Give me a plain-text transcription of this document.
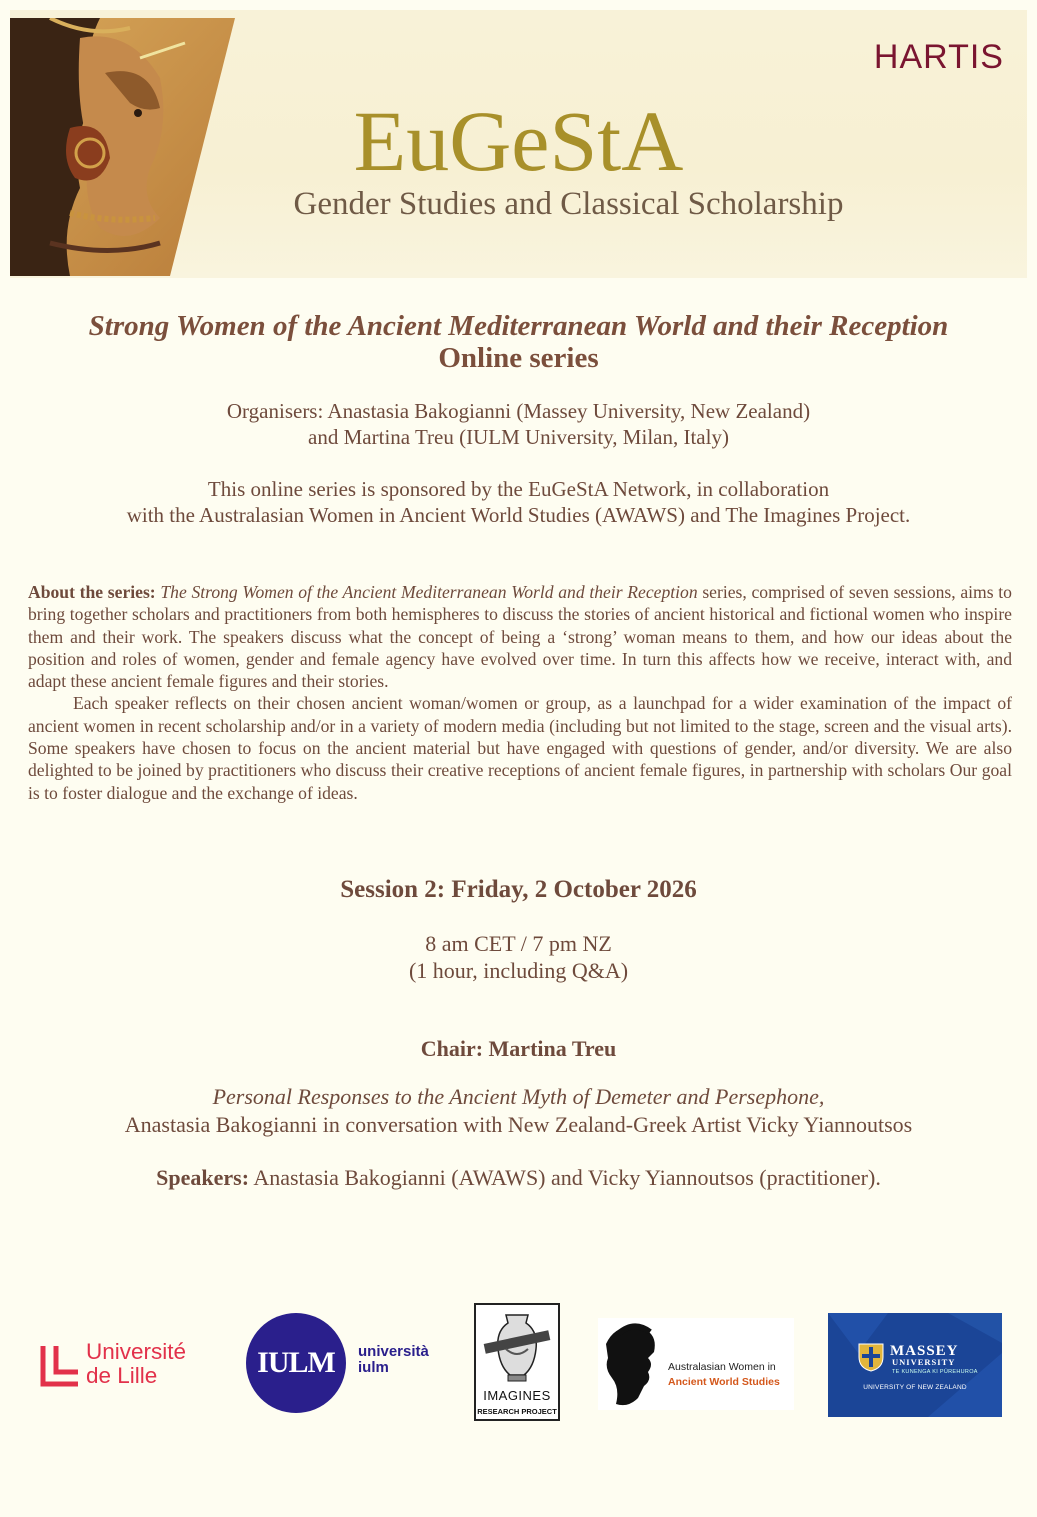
HARTIS
EuGeStA
Gender Studies and Classical Scholarship
Strong Women of the Ancient Mediterranean World and their Reception
Online series
Organisers: Anastasia Bakogianni (Massey University, New Zealand)
and Martina Treu (IULM University, Milan, Italy)
This online series is sponsored by the EuGeStA Network, in collaboration
with the Australasian Women in Ancient World Studies (AWAWS) and The Imagines Project.

About the series: The Strong Women of the Ancient Mediterranean World and their Reception series, comprised of seven sessions, aims to bring together scholars and practitioners from both hemispheres to discuss the stories of ancient historical and fictional women who inspire them and their work. The speakers discuss what the concept of being a ‘strong’ woman means to them, and how our ideas about the position and roles of women, gender and female agency have evolved over time. In turn this affects how we receive, interact with, and adapt these ancient female figures and their stories.

Each speaker reflects on their chosen ancient woman/women or group, as a launchpad for a wider examination of the impact of ancient women in recent scholarship and/or in a variety of modern media (including but not limited to the stage, screen and the visual arts). Some speakers have chosen to focus on the ancient material but have engaged with questions of gender, and/or diversity. We are also delighted to be joined by practitioners who discuss their creative receptions of ancient female figures, in partnership with scholars Our goal is to foster dialogue and the exchange of ideas.

Session 2: Friday, 2 October 2026
8 am CET / 7 pm NZ
(1 hour, including Q&A)
Chair: Martina Treu
Personal Responses to the Ancient Myth of Demeter and Persephone,
Anastasia Bakogianni in conversation with New Zealand-Greek Artist Vicky Yiannoutsos
Speakers: Anastasia Bakogianni (AWAWS) and Vicky Yiannoutsos (practitioner).
Université
de Lille	IULM	università
iulm
IMAGINES
RESEARCH PROJECT
Australasian Women in
Ancient World Studies
MASSEY
UNIVERSITY
TE KUNENGA KI PŪREHUROA
UNIVERSITY OF NEW ZEALAND
